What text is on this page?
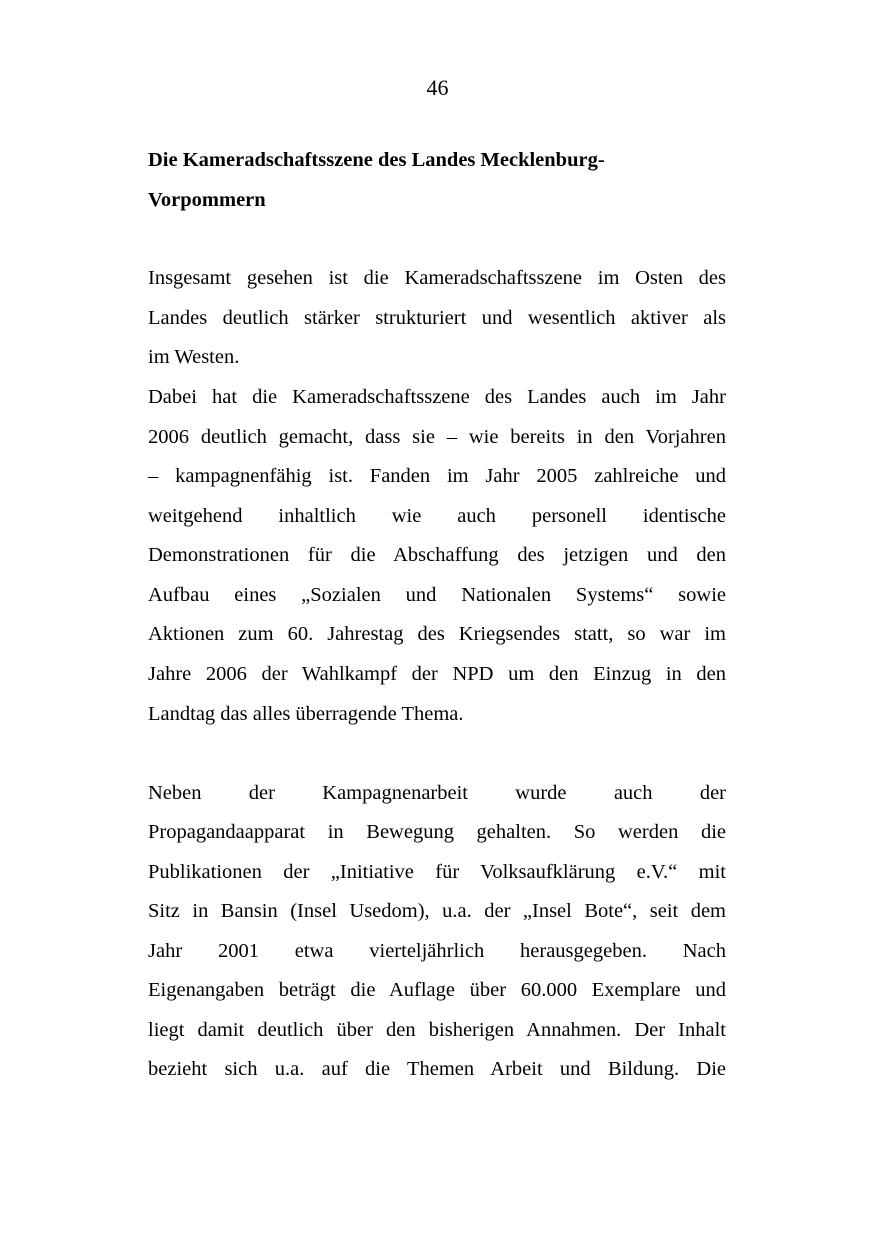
46
Die Kameradschaftsszene des Landes Mecklenburg-
Vorpommern
Insgesamt gesehen ist die Kameradschaftsszene im Osten des
Landes deutlich stärker strukturiert und wesentlich aktiver als
im Westen.
Dabei hat die Kameradschaftsszene des Landes auch im Jahr
2006 deutlich gemacht, dass sie – wie bereits in den Vorjahren
– kampagnenfähig ist. Fanden im Jahr 2005 zahlreiche und
weitgehend inhaltlich wie auch personell identische
Demonstrationen für die Abschaffung des jetzigen und den
Aufbau eines „Sozialen und Nationalen Systems“ sowie
Aktionen zum 60. Jahrestag des Kriegsendes statt, so war im
Jahre 2006 der Wahlkampf der NPD um den Einzug in den
Landtag das alles überragende Thema.
Neben der Kampagnenarbeit wurde auch der
Propagandaapparat in Bewegung gehalten. So werden die
Publikationen der „Initiative für Volksaufklärung e.V.“ mit
Sitz in Bansin (Insel Usedom), u.a. der „Insel Bote“, seit dem
Jahr 2001 etwa vierteljährlich herausgegeben. Nach
Eigenangaben beträgt die Auflage über 60.000 Exemplare und
liegt damit deutlich über den bisherigen Annahmen. Der Inhalt
bezieht sich u.a. auf die Themen Arbeit und Bildung. Die
